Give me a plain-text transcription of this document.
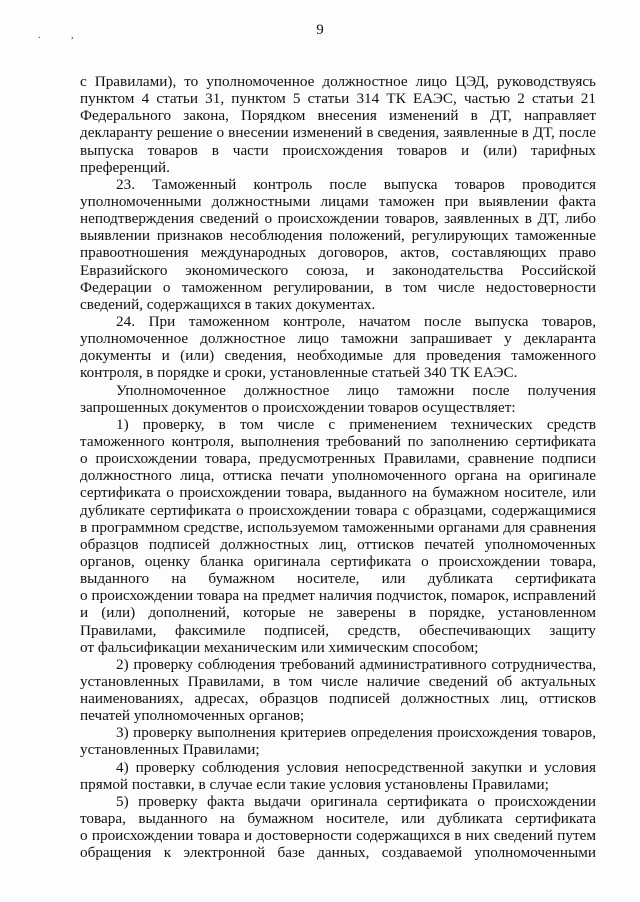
. ,	9
с Правилами), то уполномоченное должностное лицо ЦЭД, руководствуясь
пунктом 4 статьи 31, пунктом 5 статьи 314 ТК ЕАЭС, частью 2 статьи 21
Федерального закона, Порядком внесения изменений в ДТ, направляет
декларанту решение о внесении изменений в сведения, заявленные в ДТ, после
выпуска товаров в части происхождения товаров и (или) тарифных
преференций.
23. Таможенный контроль после выпуска товаров проводится
уполномоченными должностными лицами таможен при выявлении факта
неподтверждения сведений о происхождении товаров, заявленных в ДТ, либо
выявлении признаков несоблюдения положений, регулирующих таможенные
правоотношения международных договоров, актов, составляющих право
Евразийского экономического союза, и законодательства Российской
Федерации о таможенном регулировании, в том числе недостоверности
сведений, содержащихся в таких документах.
24. При таможенном контроле, начатом после выпуска товаров,
уполномоченное должностное лицо таможни запрашивает у декларанта
документы и (или) сведения, необходимые для проведения таможенного
контроля, в порядке и сроки, установленные статьей 340 ТК ЕАЭС.
Уполномоченное должностное лицо таможни после получения
запрошенных документов о происхождении товаров осуществляет:
1) проверку, в том числе с применением технических средств
таможенного контроля, выполнения требований по заполнению сертификата
о происхождении товара, предусмотренных Правилами, сравнение подписи
должностного лица, оттиска печати уполномоченного органа на оригинале
сертификата о происхождении товара, выданного на бумажном носителе, или
дубликате сертификата о происхождении товара с образцами, содержащимися
в программном средстве, используемом таможенными органами для сравнения
образцов подписей должностных лиц, оттисков печатей уполномоченных
органов, оценку бланка оригинала сертификата о происхождении товара,
выданного на бумажном носителе, или дубликата сертификата
о происхождении товара на предмет наличия подчисток, помарок, исправлений
и (или) дополнений, которые не заверены в порядке, установленном
Правилами, факсимиле подписей, средств, обеспечивающих защиту
от фальсификации механическим или химическим способом;
2) проверку соблюдения требований административного сотрудничества,
установленных Правилами, в том числе наличие сведений об актуальных
наименованиях, адресах, образцов подписей должностных лиц, оттисков
печатей уполномоченных органов;
3) проверку выполнения критериев определения происхождения товаров,
установленных Правилами;
4) проверку соблюдения условия непосредственной закупки и условия
прямой поставки, в случае если такие условия установлены Правилами;
5) проверку факта выдачи оригинала сертификата о происхождении
товара, выданного на бумажном носителе, или дубликата сертификата
о происхождении товара и достоверности содержащихся в них сведений путем
обращения к электронной базе данных, создаваемой уполномоченными
